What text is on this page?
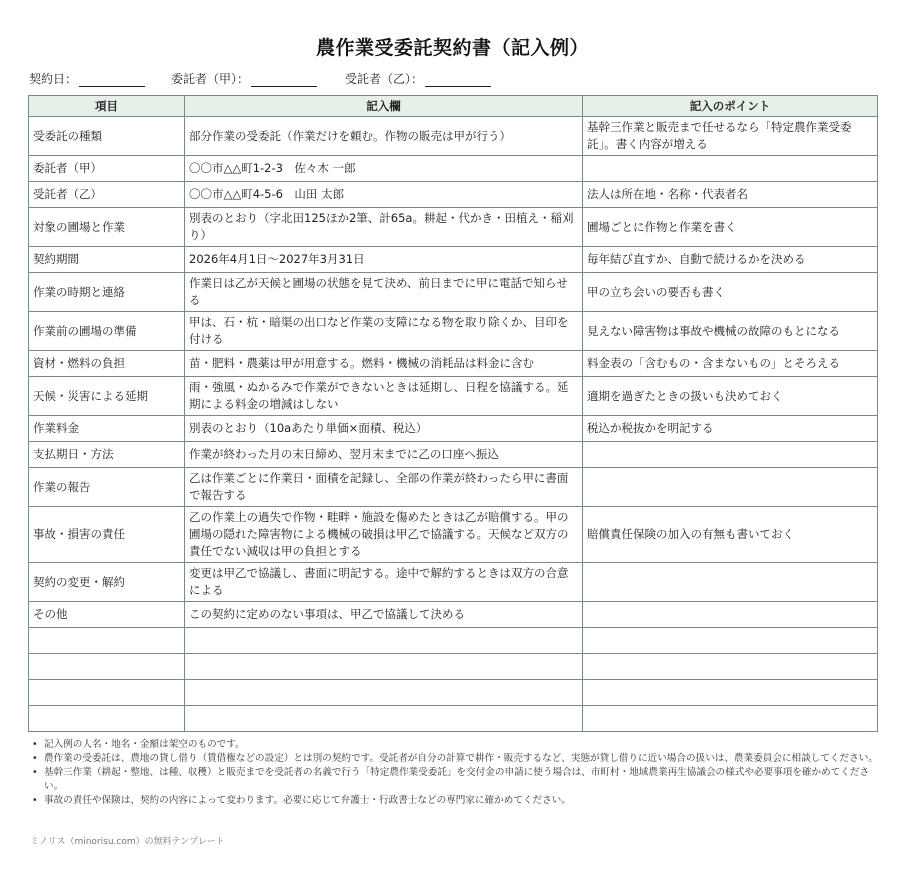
農作業受委託契約書（記入例）
契約日：	委託者（甲）：	受託者（乙）：
項目	記入欄	記入のポイント
受委託の種類	部分作業の受委託（作業だけを頼む。作物の販売は甲が行う）	基幹三作業と販売まで任せるなら「特定農作業受委託」。書く内容が増える
委託者（甲）	〇〇市△△町1-2-3　佐々木 一郎	
受託者（乙）	〇〇市△△町4-5-6　山田 太郎	法人は所在地・名称・代表者名
対象の圃場と作業	別表のとおり（字北田125ほか2筆、計65a。耕起・代かき・田植え・稲刈り）	圃場ごとに作物と作業を書く
契約期間	2026年4月1日〜2027年3月31日	毎年結び直すか、自動で続けるかを決める
作業の時期と連絡	作業日は乙が天候と圃場の状態を見て決め、前日までに甲に電話で知らせる	甲の立ち会いの要否も書く
作業前の圃場の準備	甲は、石・杭・暗渠の出口など作業の支障になる物を取り除くか、目印を付ける	見えない障害物は事故や機械の故障のもとになる
資材・燃料の負担	苗・肥料・農薬は甲が用意する。燃料・機械の消耗品は料金に含む	料金表の「含むもの・含まないもの」とそろえる
天候・災害による延期	雨・強風・ぬかるみで作業ができないときは延期し、日程を協議する。延期による料金の増減はしない	適期を過ぎたときの扱いも決めておく
作業料金	別表のとおり（10aあたり単価×面積、税込）	税込か税抜かを明記する
支払期日・方法	作業が終わった月の末日締め、翌月末までに乙の口座へ振込	
作業の報告	乙は作業ごとに作業日・面積を記録し、全部の作業が終わったら甲に書面で報告する	
事故・損害の責任	乙の作業上の過失で作物・畦畔・施設を傷めたときは乙が賠償する。甲の圃場の隠れた障害物による機械の破損は甲乙で協議する。天候など双方の責任でない減収は甲の負担とする	賠償責任保険の加入の有無も書いておく
契約の変更・解約	変更は甲乙で協議し、書面に明記する。途中で解約するときは双方の合意による	
その他	この契約に定めのない事項は、甲乙で協議して決める	

• 記入例の人名・地名・金額は架空のものです。
• 農作業の受委託は、農地の貸し借り（賃借権などの設定）とは別の契約です。受託者が自分の計算で耕作・販売するなど、実態が貸し借りに近い場合の扱いは、農業委員会に相談してください。
• 基幹三作業（耕起・整地、は種、収穫）と販売までを受託者の名義で行う「特定農作業受委託」を交付金の申請に使う場合は、市町村・地域農業再生協議会の様式や必要事項を確かめてください。
• 事故の責任や保険は、契約の内容によって変わります。必要に応じて弁護士・行政書士などの専門家に確かめてください。
ミノリス（minorisu.com）の無料テンプレート
